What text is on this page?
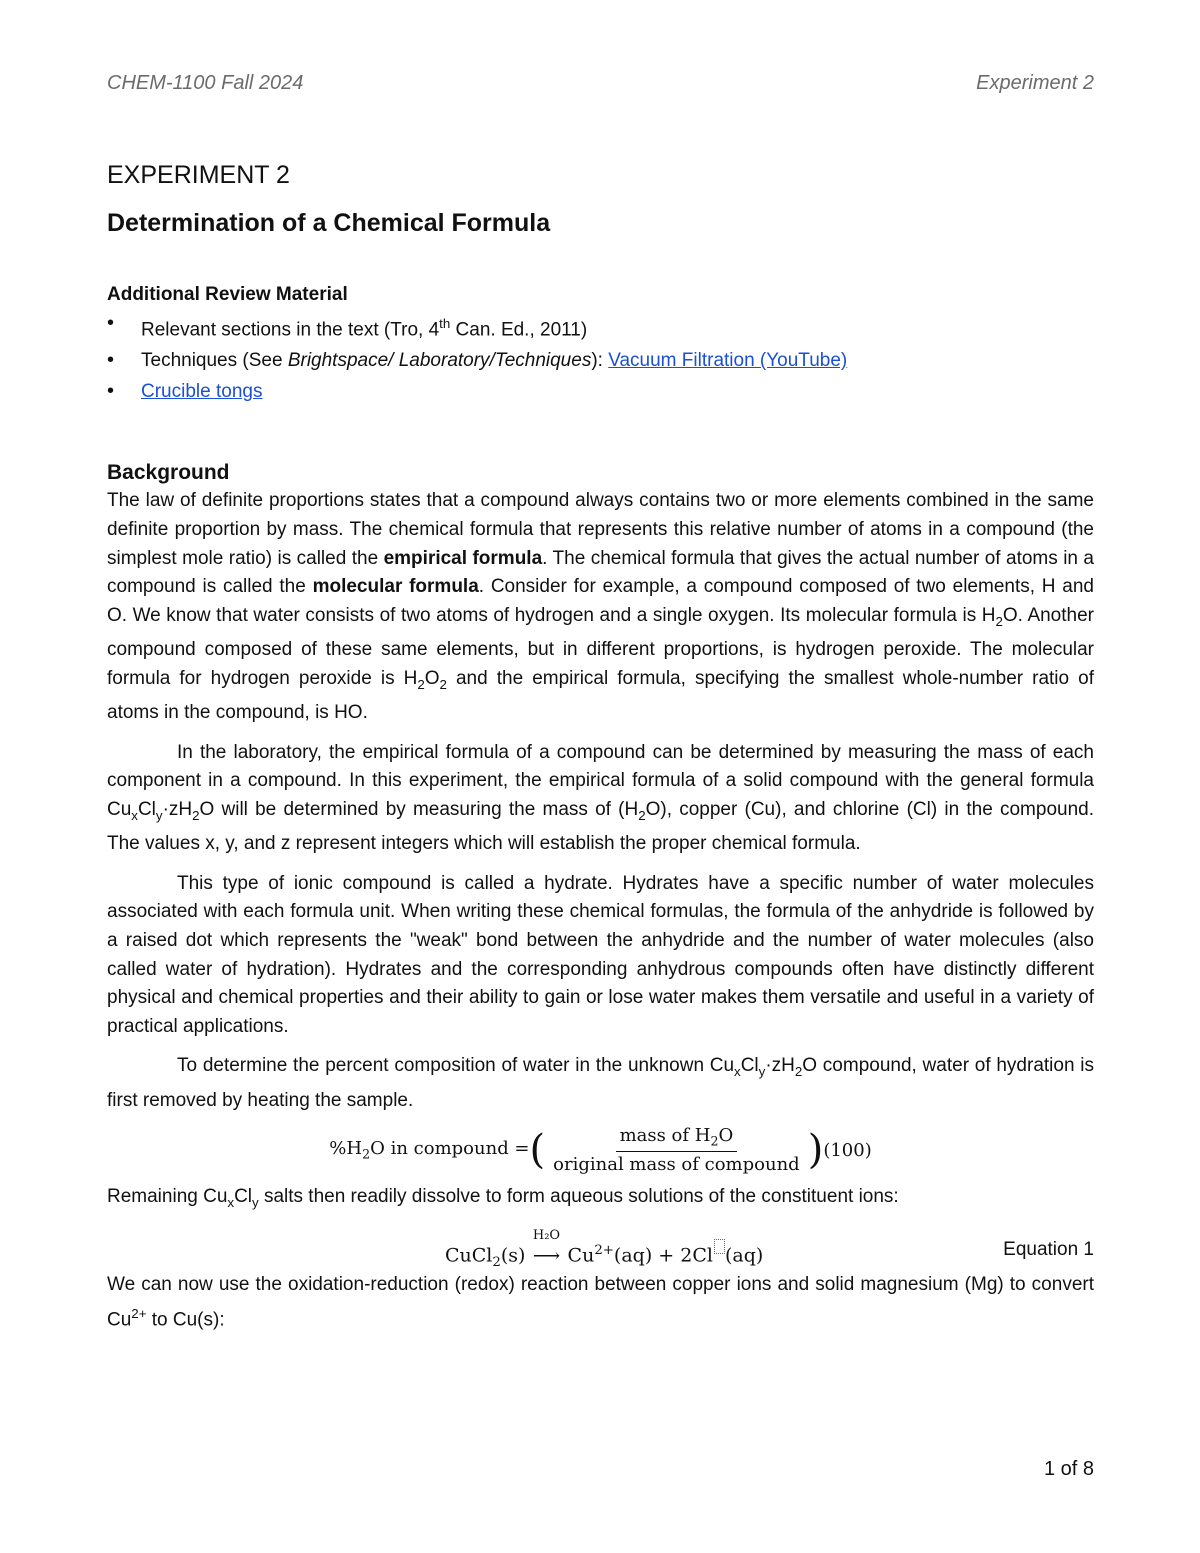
CHEM-1100 Fall 2024	Experiment 2
EXPERIMENT 2
Determination of a Chemical Formula
Additional Review Material
• Relevant sections in the text (Tro, 4th Can. Ed., 2011)
• Techniques (See Brightspace/ Laboratory/Techniques): Vacuum Filtration (YouTube)
• Crucible tongs
Background

The law of definite proportions states that a compound always contains two or more elements combined in the same definite proportion by mass. The chemical formula that represents this relative number of atoms in a compound (the simplest mole ratio) is called the empirical formula. The chemical formula that gives the actual number of atoms in a compound is called the molecular formula. Consider for example, a compound composed of two elements, H and O. We know that water consists of two atoms of hydrogen and a single oxygen. Its molecular formula is $H_2O$. Another compound composed of these same elements, but in different proportions, is hydrogen peroxide. The molecular formula for hydrogen peroxide is $H_2O_2$ and the empirical formula, specifying the smallest whole-number ratio of atoms in the compound, is HO.

In the laboratory, the empirical formula of a compound can be determined by measuring the mass of each component in a compound. In this experiment, the empirical formula of a solid compound with the general formula $Cu_xCl_y\cdot zH_2O$ will be determined by measuring the mass of $(H_2O)$, copper (Cu), and chlorine (Cl) in the compound. The values x, y, and z represent integers which will establish the proper chemical formula.

This type of ionic compound is called a hydrate. Hydrates have a specific number of water molecules associated with each formula unit. When writing these chemical formulas, the formula of the anhydride is followed by a raised dot which represents the "weak" bond between the anhydride and the number of water molecules (also called water of hydration). Hydrates and the corresponding anhydrous compounds often have distinctly different physical and chemical properties and their ability to gain or lose water makes them versatile and useful in a variety of practical applications.

To determine the percent composition of water in the unknown $Cu_xCl_y\cdot zH_2O$ compound, water of hydration is first removed by heating the sample.

$\%H_2O$ in compound = ( $\frac{mass of H_2O}{\text{original mass of compound}}$ ) (100)

Remaining $Cu_xCl_y$ salts then readily dissolve to form aqueous solutions of the constituent ions:

CuCl$_2$(s)
H₂O
⟶ $Cu^{2+}(aq) + 2Cl$ (aq)	Equation 1

We can now use the oxidation-reduction (redox) reaction between copper ions and solid magnesium (Mg) to convert $Cu^{2+}$ to Cu(s):

1 of 8
